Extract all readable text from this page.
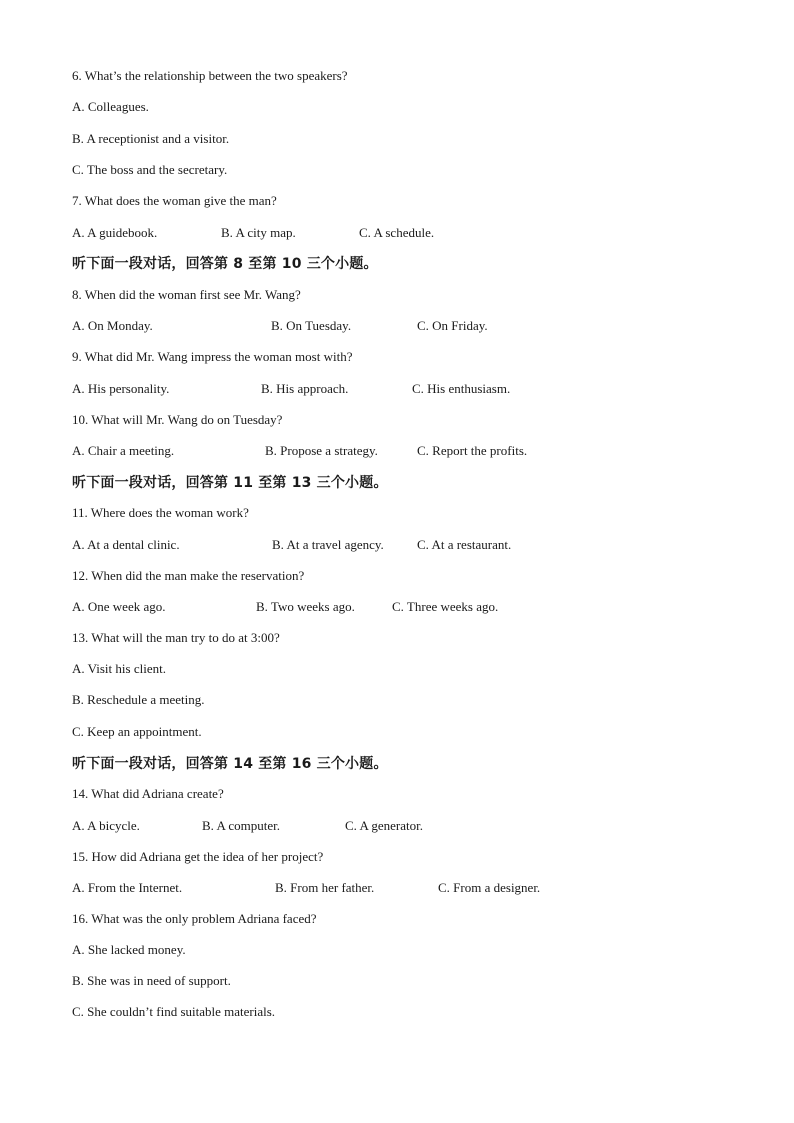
6. What’s the relationship between the two speakers?
A. Colleagues.
B. A receptionist and a visitor.
C. The boss and the secretary.
7. What does the woman give the man?
A. A guidebook.	B. A city map.	C. A schedule.
听下面一段对话，回答第 8 至第 10 三个小题。
8. When did the woman first see Mr. Wang?
A. On Monday.	B. On Tuesday.	C. On Friday.
9. What did Mr. Wang impress the woman most with?
A. His personality.	B. His approach.	C. His enthusiasm.
10. What will Mr. Wang do on Tuesday?
A. Chair a meeting.	B. Propose a strategy.	C. Report the profits.
听下面一段对话，回答第 11 至第 13 三个小题。
11. Where does the woman work?
A. At a dental clinic.	B. At a travel agency.	C. At a restaurant.
12. When did the man make the reservation?
A. One week ago.	B. Two weeks ago.	C. Three weeks ago.
13. What will the man try to do at 3:00?
A. Visit his client.
B. Reschedule a meeting.
C. Keep an appointment.
听下面一段对话，回答第 14 至第 16 三个小题。
14. What did Adriana create?
A. A bicycle.	B. A computer.	C. A generator.
15. How did Adriana get the idea of her project?
A. From the Internet.	B. From her father.	C. From a designer.
16. What was the only problem Adriana faced?
A. She lacked money.
B. She was in need of support.
C. She couldn’t find suitable materials.
